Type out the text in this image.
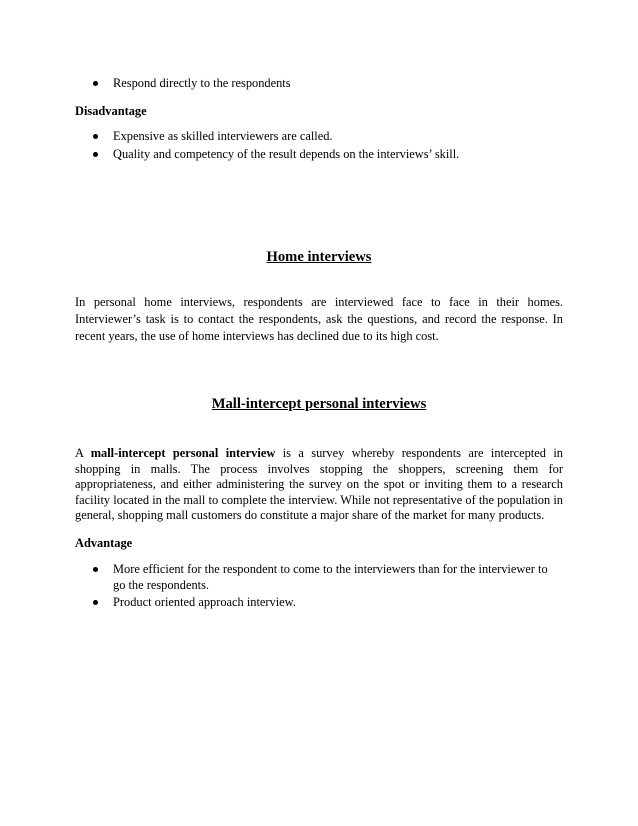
Respond directly to the respondents
Disadvantage
Expensive as skilled interviewers are called.
Quality and competency of the result depends on the interviews’ skill.
Home interviews

In personal home interviews, respondents are interviewed face to face in their homes. Interviewer’s task is to contact the respondents, ask the questions, and record the response. In recent years, the use of home interviews has declined due to its high cost.

Mall-intercept personal interviews

A mall-intercept personal interview is a survey whereby respondents are intercepted in shopping in malls. The process involves stopping the shoppers, screening them for appropriateness, and either administering the survey on the spot or inviting them to a research facility located in the mall to complete the interview. While not representative of the population in general, shopping mall customers do constitute a major share of the market for many products.

Advantage
More efficient for the respondent to come to the interviewers than for the interviewer to go the respondents.
Product oriented approach interview.
